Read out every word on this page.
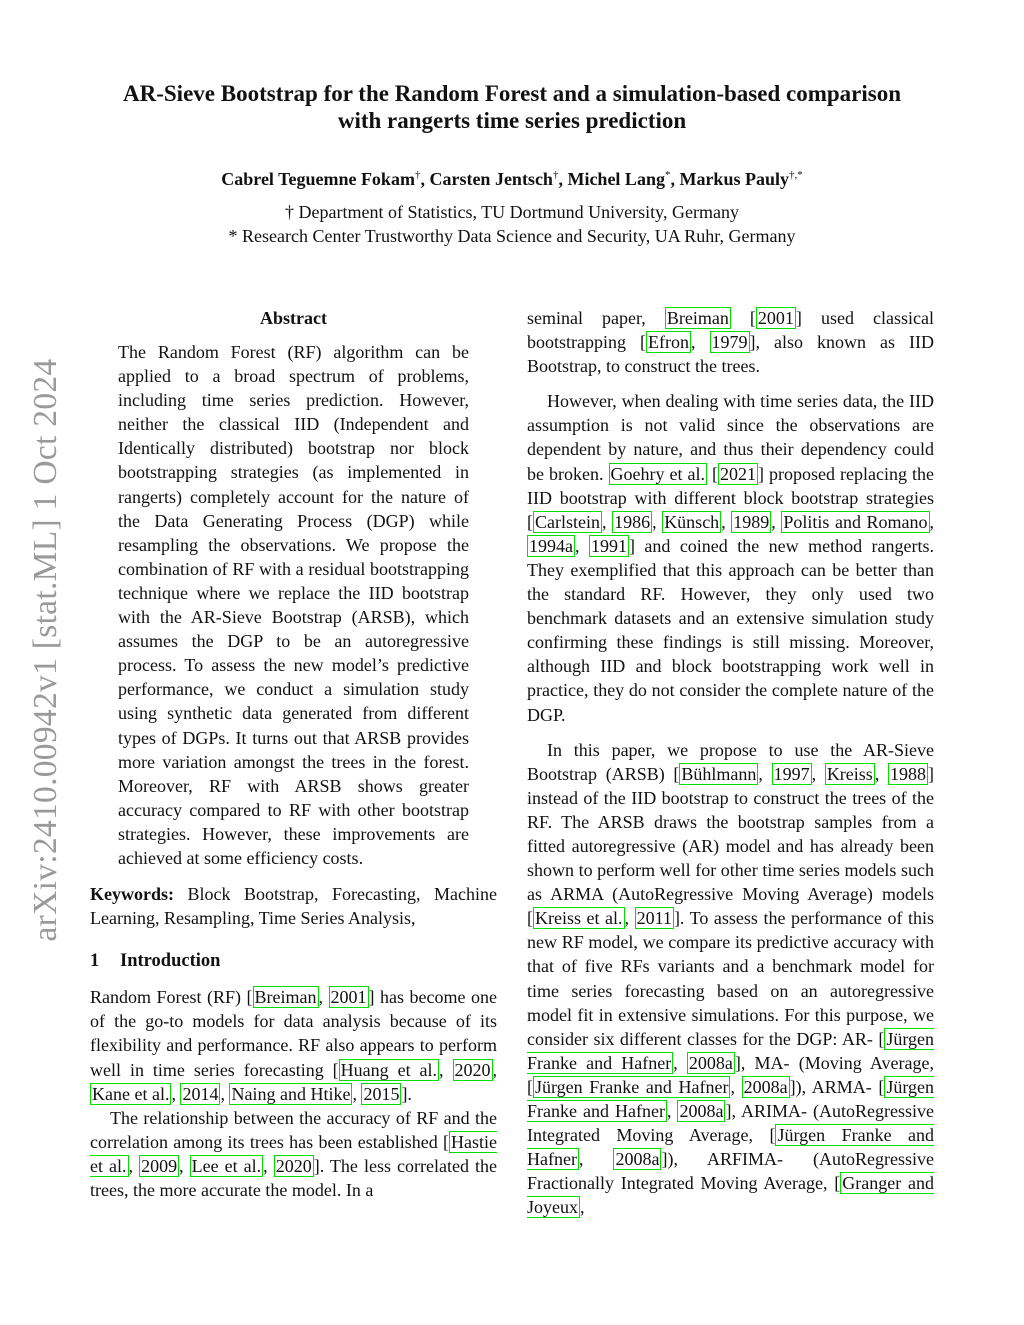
arXiv:2410.00942v1 [stat.ML] 1 Oct 2024
AR-Sieve Bootstrap for the Random Forest and a simulation-based comparison
with rangerts time series prediction
Cabrel Teguemne Fokam†, Carsten Jentsch†, Michel Lang*, Markus Pauly†,*
† Department of Statistics, TU Dortmund University, Germany
* Research Center Trustworthy Data Science and Security, UA Ruhr, Germany
Abstract
The Random Forest (RF) algorithm can be applied to a broad spectrum of problems, including time series prediction. However, neither the classical IID (Independent and Identically distributed) bootstrap nor block bootstrapping strategies (as implemented in rangerts) completely account for the nature of the Data Generating Process (DGP) while resampling the observations. We propose the combination of RF with a residual bootstrapping technique where we replace the IID bootstrap with the AR-Sieve Bootstrap (ARSB), which assumes the DGP to be an autoregressive process. To assess the new model’s predictive performance, we conduct a simulation study using synthetic data generated from different types of DGPs. It turns out that ARSB provides more variation amongst the trees in the forest. Moreover, RF with ARSB shows greater accuracy compared to RF with other bootstrap strategies. However, these improvements are achieved at some efficiency costs.
Keywords: Block Bootstrap, Forecasting, Machine Learning, Resampling, Time Series Analysis,
1 Introduction

Random Forest (RF) [ Breiman , 2001 ] has become one of the go-to models for data analysis because of its flexibility and performance. RF also appears to perform well in time series forecasting [ Huang et al. , 2020 , Kane et al. , 2014 , Naing and Htike , 2015 ].

The relationship between the accuracy of RF and the correlation among its trees has been established [ Hastie et al. , 2009 , Lee et al. , 2020 ]. The less correlated the trees, the more accurate the model. In a

seminal paper, Breiman [ 2001 ] used classical bootstrapping [ Efron , 1979 ], also known as IID Bootstrap, to construct the trees.

However, when dealing with time series data, the IID assumption is not valid since the observations are dependent by nature, and thus their dependency could be broken. Goehry et al. [ 2021 ] proposed replacing the IID bootstrap with different block bootstrap strategies [ Carlstein , 1986 , Künsch , 1989 , Politis and Romano , 1994a , 1991 ] and coined the new method rangerts. They exemplified that this approach can be better than the standard RF. However, they only used two benchmark datasets and an extensive simulation study confirming these findings is still missing. Moreover, although IID and block bootstrapping work well in practice, they do not consider the complete nature of the DGP.

In this paper, we propose to use the AR-Sieve Bootstrap (ARSB) [ Bühlmann , 1997 , Kreiss , 1988 ] instead of the IID bootstrap to construct the trees of the RF. The ARSB draws the bootstrap samples from a fitted autoregressive (AR) model and has already been shown to perform well for other time series models such as ARMA (AutoRegressive Moving Average) models [ Kreiss et al. , 2011 ]. To assess the performance of this new RF model, we compare its predictive accuracy with that of five RFs variants and a benchmark model for time series forecasting based on an autoregressive model fit in extensive simulations. For this purpose, we consider six different classes for the DGP: AR- [ Jürgen Franke and Hafner , 2008a ], MA- (Moving Average, [ Jürgen Franke and Hafner , 2008a ]), ARMA- [ Jürgen Franke and Hafner , 2008a ], ARIMA- (AutoRegressive Integrated Moving Average, [ Jürgen Franke and Hafner , 2008a ]), ARFIMA- (AutoRegressive Fractionally Integrated Moving Average, [ Granger and Joyeux ,
